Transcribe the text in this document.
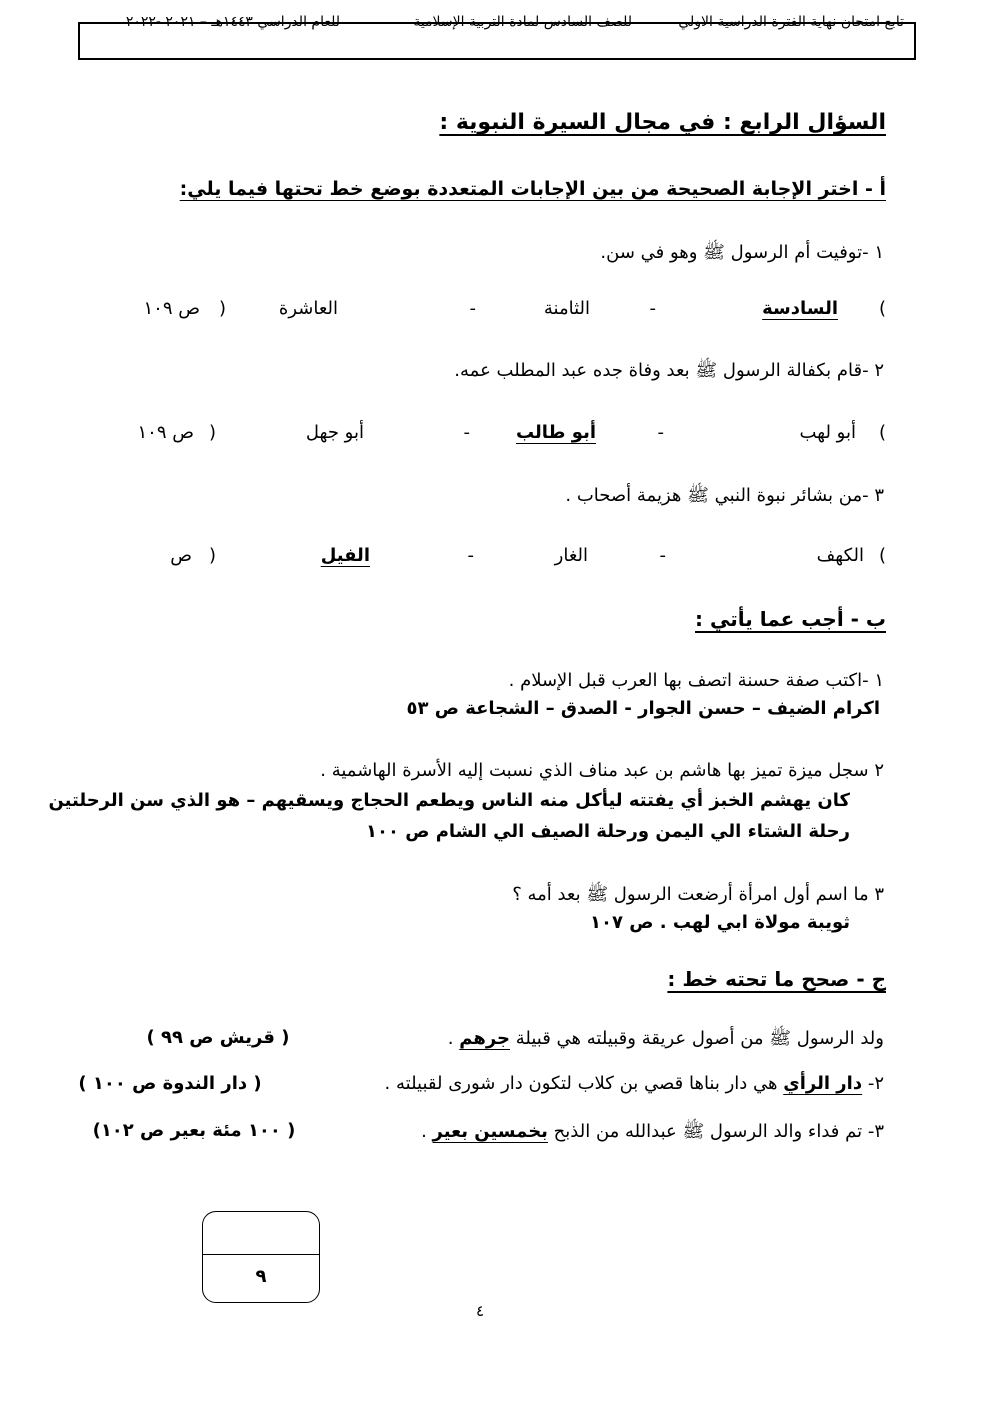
تابع امتحان نهاية الفترة الدراسية الاولي
للصف السادس لمادة التربية الإسلامية
للعام الدراسي ١٤٤٣هـ – ٢٠٢١ -٢٠٢٢
السؤال الرابع : في مجال السيرة النبوية :
أ - اختر الإجابة الصحيحة من بين الإجابات المتعددة بوضع خط تحتها فيما يلي:
١ -توفيت أم الرسول ﷺ وهو في سن.
(
السادسة
-
الثامنة
-
العاشرة
)
ص ١٠٩
٢ -قام بكفالة الرسول ﷺ بعد وفاة جده عبد المطلب عمه.
(
أبو لهب
-
أبو طالب
-
أبو جهل
)
ص ١٠٩
٣ -من بشائر نبوة النبي ﷺ هزيمة أصحاب .
(
الكهف
-
الغار
-
الفيل
)
ص
ب - أجب عما يأتي :
١ -اكتب صفة حسنة اتصف بها العرب قبل الإسلام .
اكرام الضيف – حسن الجوار - الصدق – الشجاعة ص ٥٣
٢ سجل ميزة تميز بها هاشم بن عبد مناف الذي نسبت إليه الأسرة الهاشمية .
كان يهشم الخبز أي يفتته ليأكل منه الناس ويطعم الحجاج ويسقيهم – هو الذي سن الرحلتين
رحلة الشتاء الي اليمن ورحلة الصيف الي الشام ص ١٠٠
٣ ما اسم أول امرأة أرضعت الرسول ﷺ بعد أمه ؟
ثويبة مولاة ابي لهب . ص ١٠٧
ج - صحح ما تحته خط :
ولد الرسول ﷺ من أصول عريقة وقبيلته هي قبيلة جرهم .
( قريش ص ٩٩ )
٢- دار الرأي هي دار بناها قصي بن كلاب لتكون دار شورى لقبيلته .
( دار الندوة ص ١٠٠ )
٣- تم فداء والد الرسول ﷺ عبدالله من الذبح بخمسين بعير .
( ١٠٠ مئة بعير ص ١٠٢)
٩
٤
